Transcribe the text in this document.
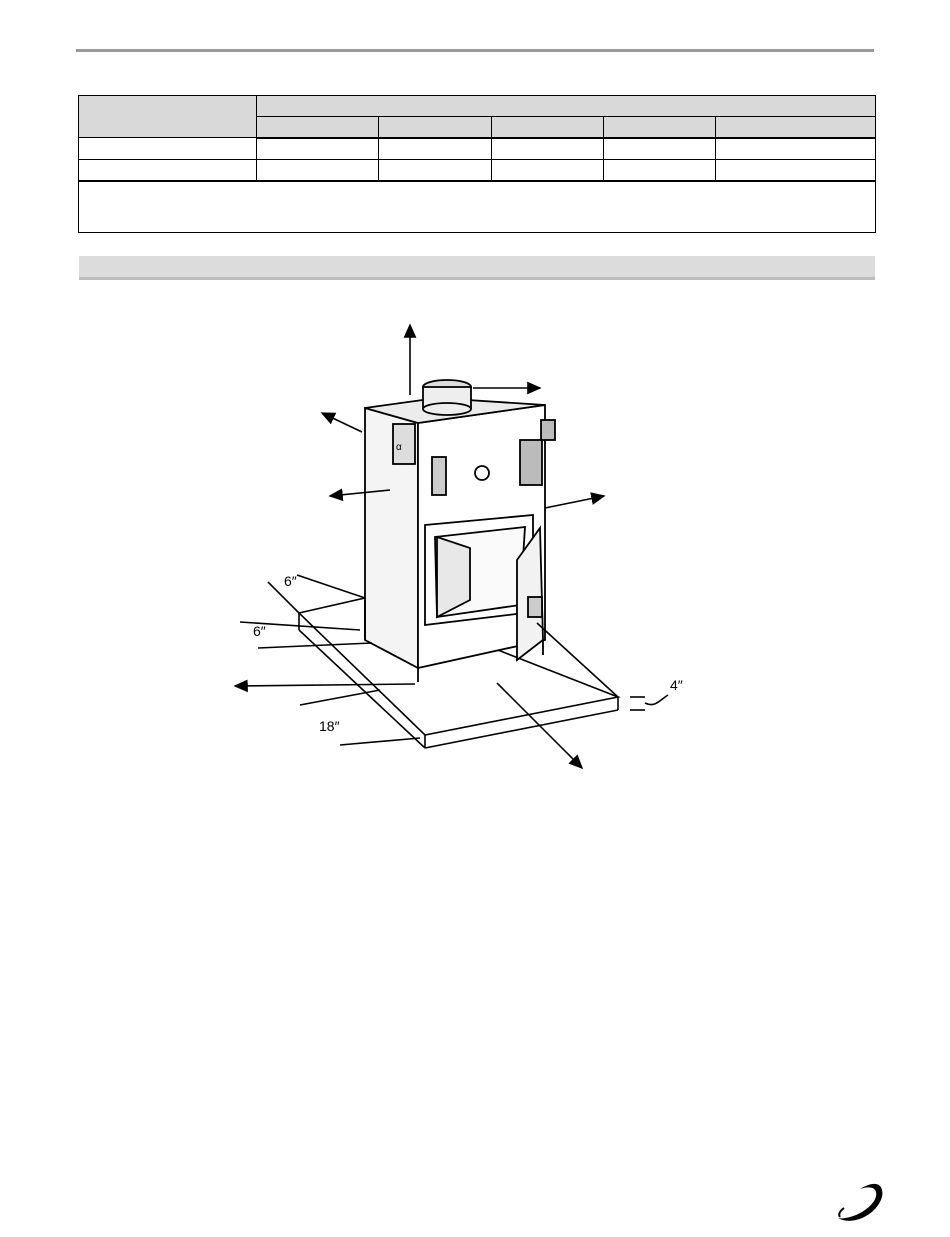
α
6″
6″
18″
4″
